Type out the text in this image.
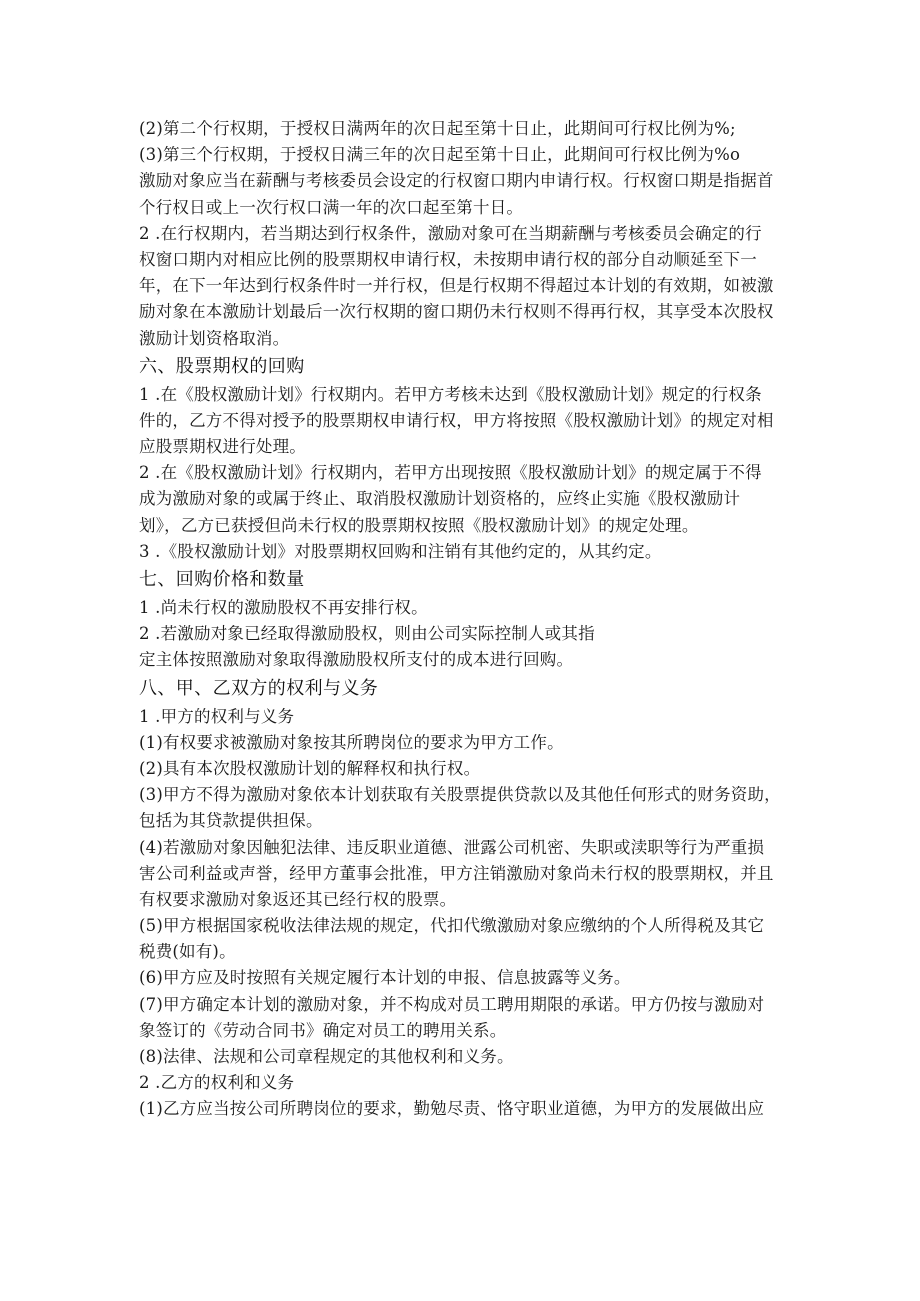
(2)第二个行权期，于授权日满两年的次日起至第十日止，此期间可行权比例为%;
(3)第三个行权期，于授权日满三年的次日起至第十日止，此期间可行权比例为%o
激励对象应当在薪酬与考核委员会设定的行权窗口期内申请行权。行权窗口期是指据首
个行权日或上一次行权口满一年的次口起至第十日。
2 .在行权期内，若当期达到行权条件，激励对象可在当期薪酬与考核委员会确定的行
权窗口期内对相应比例的股票期权申请行权，未按期申请行权的部分自动顺延至下一
年，在下一年达到行权条件时一并行权，但是行权期不得超过本计划的有效期，如被激
励对象在本激励计划最后一次行权期的窗口期仍未行权则不得再行权，其享受本次股权
激励计划资格取消。
六、股票期权的回购
1 .在《股权激励计划》行权期内。若甲方考核未达到《股权激励计划》规定的行权条
件的，乙方不得对授予的股票期权申请行权，甲方将按照《股权激励计划》的规定对相
应股票期权进行处理。
2 .在《股权激励计划》行权期内，若甲方出现按照《股权激励计划》的规定属于不得
成为激励对象的或属于终止、取消股权激励计划资格的，应终止实施《股权激励计
划》，乙方已获授但尚未行权的股票期权按照《股权激励计划》的规定处理。
3 .《股权激励计划》对股票期权回购和注销有其他约定的，从其约定。
七、回购价格和数量
1 .尚未行权的激励股权不再安排行权。
2 .若激励对象已经取得激励股权，则由公司实际控制人或其指
定主体按照激励对象取得激励股权所支付的成本进行回购。
八、甲、乙双方的权利与义务
1 .甲方的权利与义务
(1)有权要求被激励对象按其所聘岗位的要求为甲方工作。
(2)具有本次股权激励计划的解释权和执行权。
(3)甲方不得为激励对象依本计划获取有关股票提供贷款以及其他任何形式的财务资助，
包括为其贷款提供担保。
(4)若激励对象因触犯法律、违反职业道德、泄露公司机密、失职或渎职等行为严重损
害公司利益或声誉，经甲方董事会批准，甲方注销激励对象尚未行权的股票期权，并且
有权要求激励对象返还其已经行权的股票。
(5)甲方根据国家税收法律法规的规定，代扣代缴激励对象应缴纳的个人所得税及其它
税费(如有)。
(6)甲方应及时按照有关规定履行本计划的申报、信息披露等义务。
(7)甲方确定本计划的激励对象，并不构成对员工聘用期限的承诺。甲方仍按与激励对
象签订的《劳动合同书》确定对员工的聘用关系。
(8)法律、法规和公司章程规定的其他权利和义务。
2 .乙方的权利和义务
(1)乙方应当按公司所聘岗位的要求，勤勉尽责、恪守职业道德，为甲方的发展做出应
